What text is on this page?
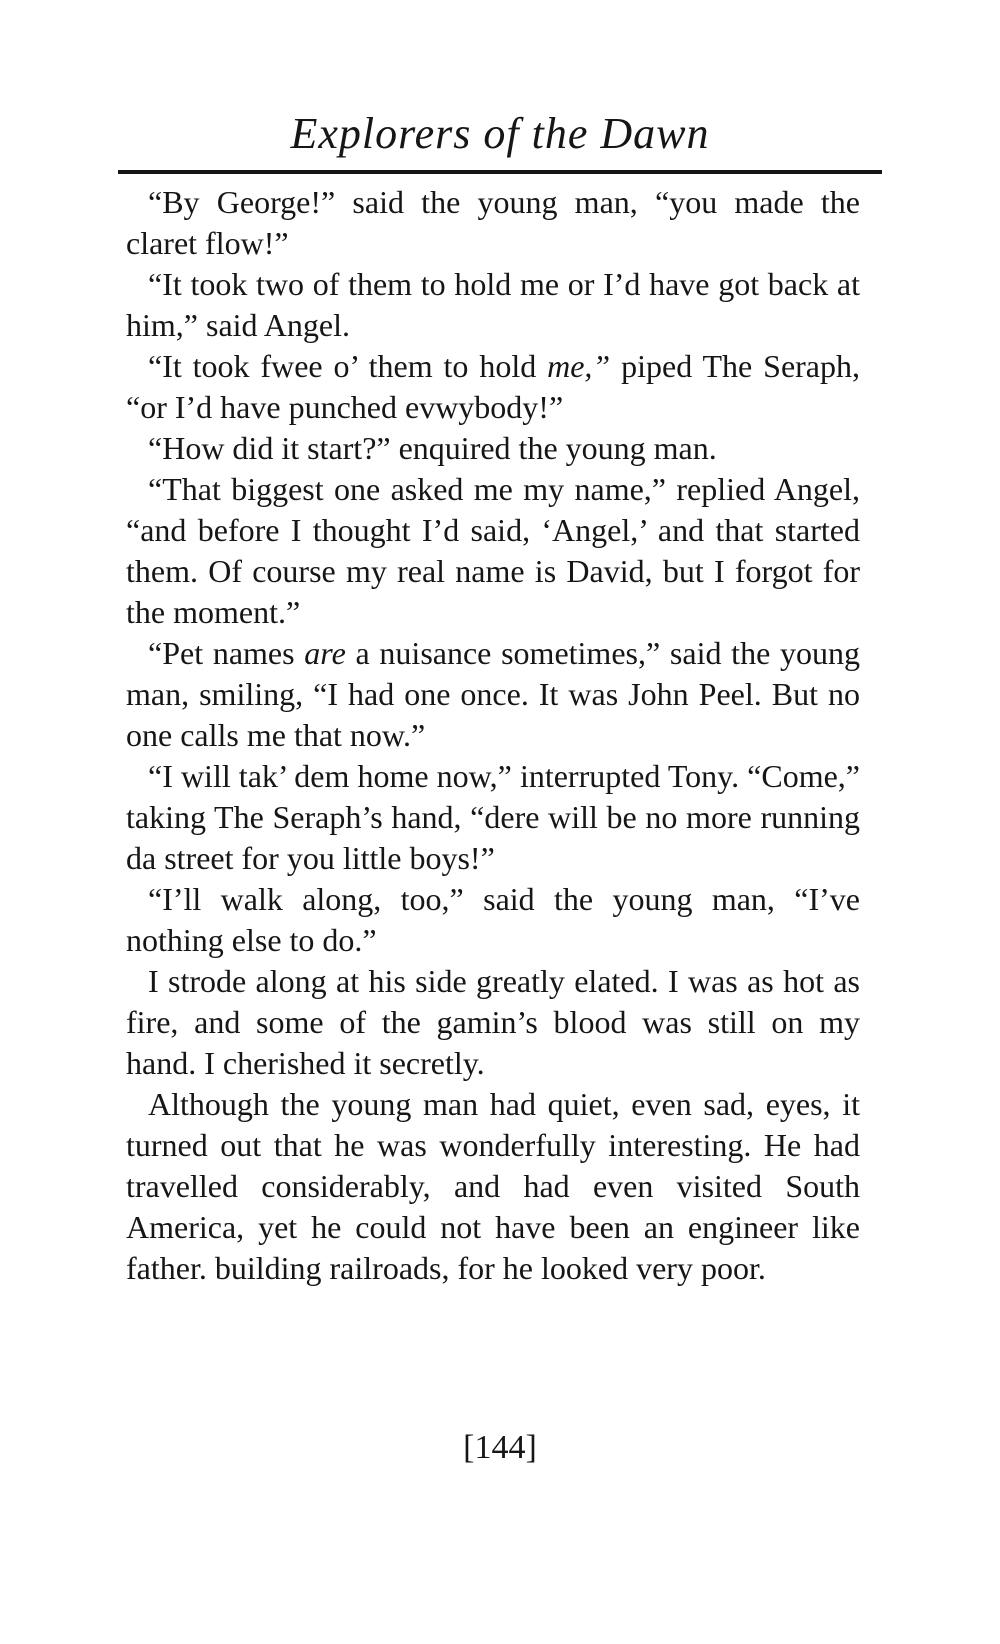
Explorers of the Dawn

“By George!” said the young man, “you made the claret flow!”

“It took two of them to hold me or I’d have got back at him,” said Angel.

“It took fwee o’ them to hold me,” piped The Seraph, “or I’d have punched evwybody!”

“How did it start?” enquired the young man.

“That biggest one asked me my name,” replied Angel, “and before I thought I’d said, ‘Angel,’ and that started them. Of course my real name is David, but I forgot for the moment.”

“Pet names are a nuisance sometimes,” said the young man, smiling, “I had one once. It was John Peel. But no one calls me that now.”

“I will tak’ dem home now,” interrupted Tony. “Come,” taking The Seraph’s hand, “dere will be no more running da street for you little boys!”

“I’ll walk along, too,” said the young man, “I’ve nothing else to do.”

I strode along at his side greatly elated. I was as hot as fire, and some of the gamin’s blood was still on my hand. I cherished it secretly.

Although the young man had quiet, even sad, eyes, it turned out that he was wonderfully interesting. He had travelled considerably, and had even visited South America, yet he could not have been an engineer like father. building railroads, for he looked very poor.

[144]
